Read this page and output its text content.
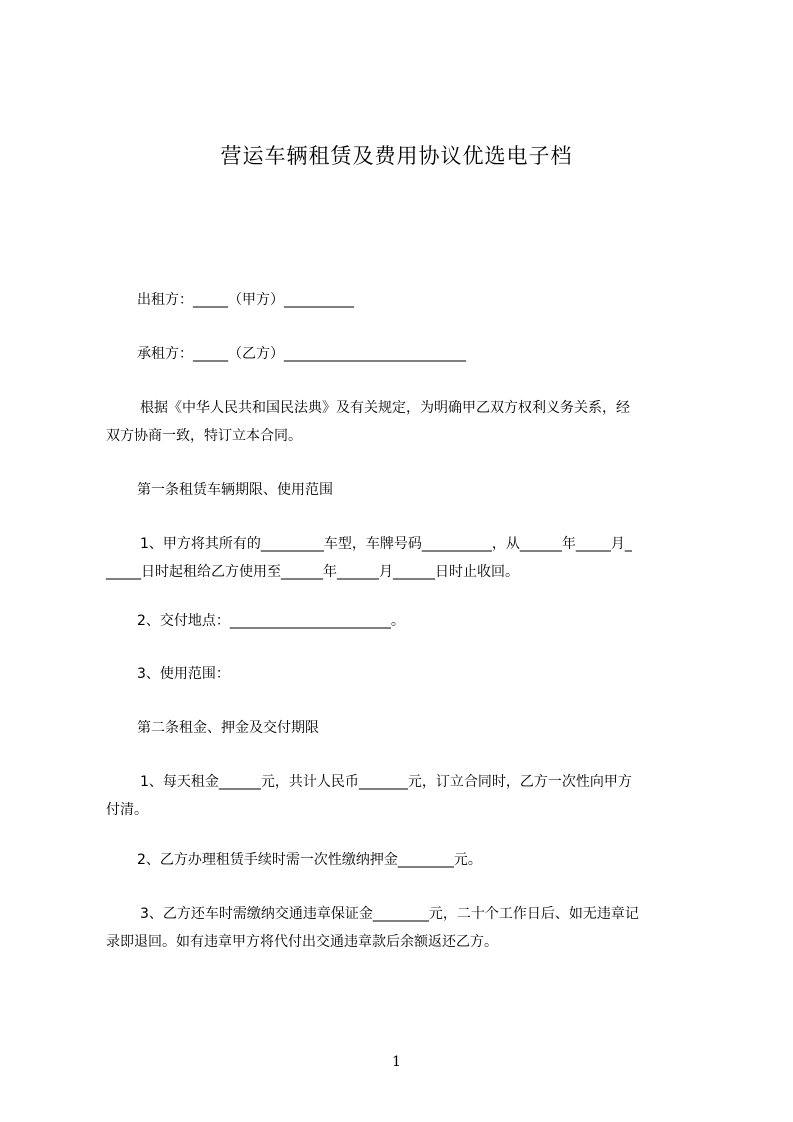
营运车辆租赁及费用协议优选电子档
出租方：_____（甲方）__________
承租方：_____（乙方）__________________________
根据《中华人民共和国民法典》及有关规定，为明确甲乙双方权利义务关系，经
双方协商一致，特订立本合同。
第一条租赁车辆期限、使用范围
1、甲方将其所有的_________车型，车牌号码__________，从______年_____月_
_____日时起租给乙方使用至______年______月______日时止收回。
2、交付地点：_______________________。
3、使用范围：
第二条租金、押金及交付期限
1、每天租金______元，共计人民币_______元，订立合同时，乙方一次性向甲方
付清。
2、乙方办理租赁手续时需一次性缴纳押金________元。
3、乙方还车时需缴纳交通违章保证金________元，二十个工作日后、如无违章记
录即退回。如有违章甲方将代付出交通违章款后余额返还乙方。
1
